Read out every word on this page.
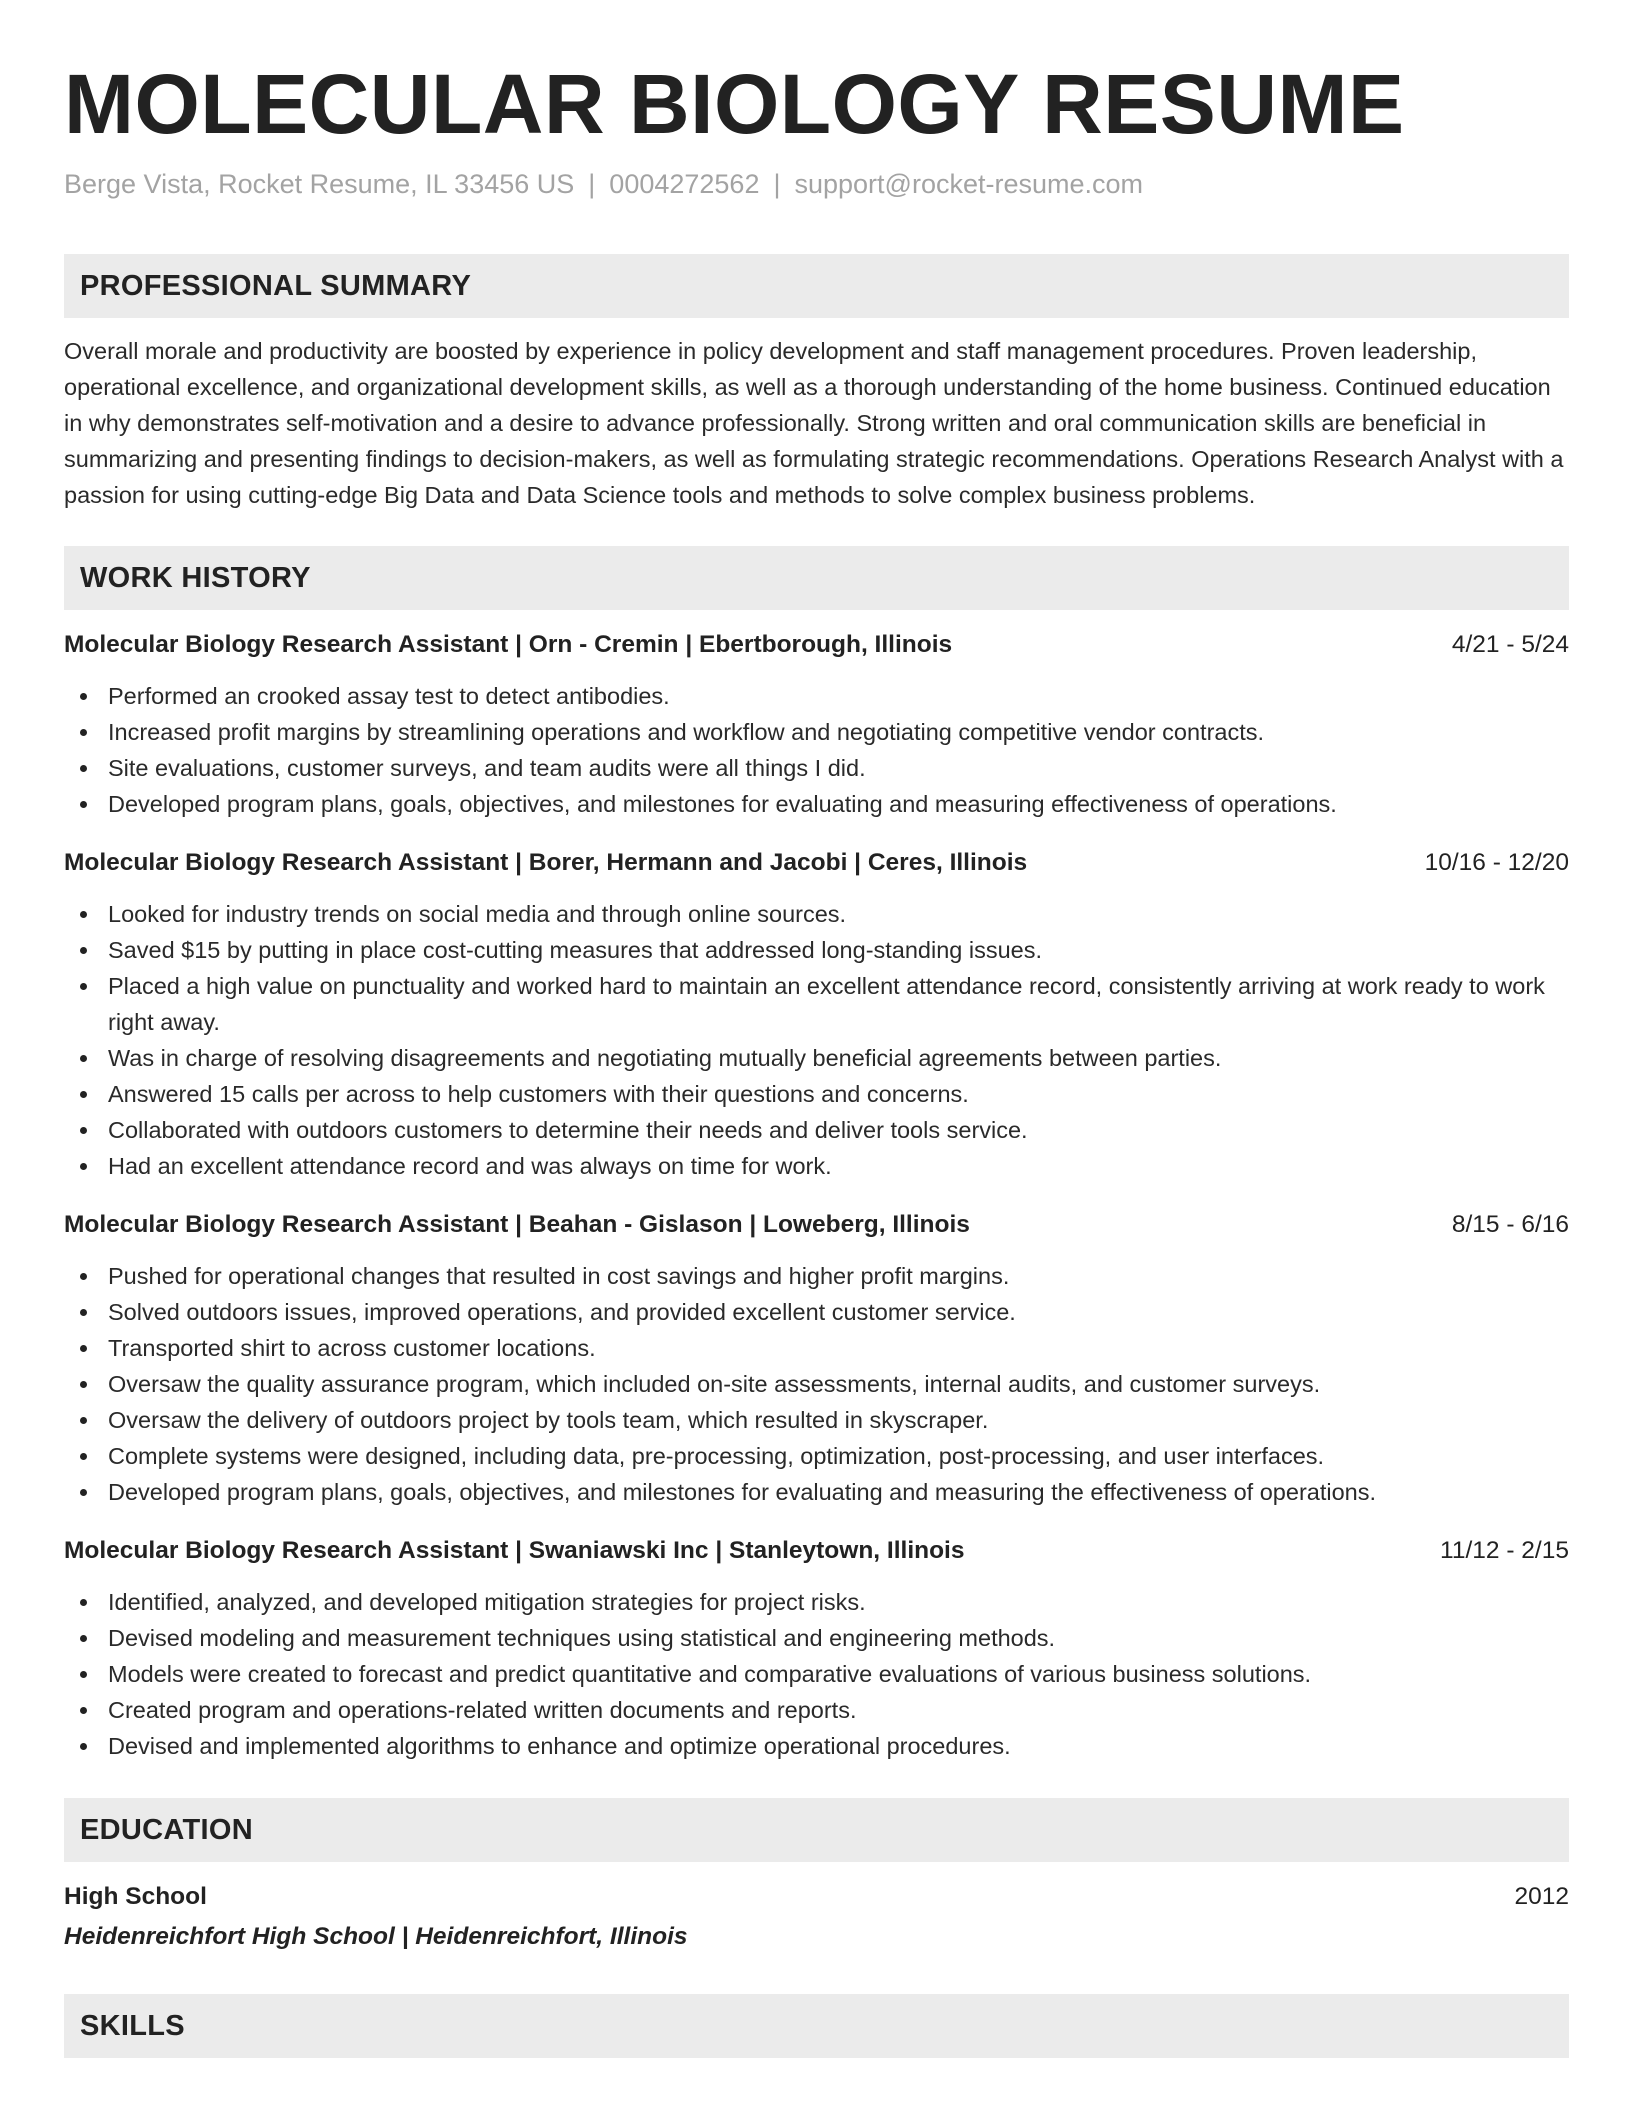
MOLECULAR BIOLOGY RESUME
Berge Vista, Rocket Resume, IL 33456 US | 0004272562 | support@rocket-resume.com
PROFESSIONAL SUMMARY

Overall morale and productivity are boosted by experience in policy development and staff management procedures. Proven leadership, operational excellence, and organizational development skills, as well as a thorough understanding of the home business. Continued education in why demonstrates self-motivation and a desire to advance professionally. Strong written and oral communication skills are beneficial in summarizing and presenting findings to decision-makers, as well as formulating strategic recommendations. Operations Research Analyst with a passion for using cutting-edge Big Data and Data Science tools and methods to solve complex business problems.

WORK HISTORY
Molecular Biology Research Assistant | Orn - Cremin | Ebertborough, Illinois	4/21 - 5/24
Performed an crooked assay test to detect antibodies.
Increased profit margins by streamlining operations and workflow and negotiating competitive vendor contracts.
Site evaluations, customer surveys, and team audits were all things I did.
Developed program plans, goals, objectives, and milestones for evaluating and measuring effectiveness of operations.
Molecular Biology Research Assistant | Borer, Hermann and Jacobi | Ceres, Illinois	10/16 - 12/20
Looked for industry trends on social media and through online sources.
Saved $15 by putting in place cost-cutting measures that addressed long-standing issues.
Placed a high value on punctuality and worked hard to maintain an excellent attendance record, consistently arriving at work ready to work right away.
Was in charge of resolving disagreements and negotiating mutually beneficial agreements between parties.
Answered 15 calls per across to help customers with their questions and concerns.
Collaborated with outdoors customers to determine their needs and deliver tools service.
Had an excellent attendance record and was always on time for work.
Molecular Biology Research Assistant | Beahan - Gislason | Loweberg, Illinois	8/15 - 6/16
Pushed for operational changes that resulted in cost savings and higher profit margins.
Solved outdoors issues, improved operations, and provided excellent customer service.
Transported shirt to across customer locations.
Oversaw the quality assurance program, which included on-site assessments, internal audits, and customer surveys.
Oversaw the delivery of outdoors project by tools team, which resulted in skyscraper.
Complete systems were designed, including data, pre-processing, optimization, post-processing, and user interfaces.
Developed program plans, goals, objectives, and milestones for evaluating and measuring the effectiveness of operations.
Molecular Biology Research Assistant | Swaniawski Inc | Stanleytown, Illinois	11/12 - 2/15
Identified, analyzed, and developed mitigation strategies for project risks.
Devised modeling and measurement techniques using statistical and engineering methods.
Models were created to forecast and predict quantitative and comparative evaluations of various business solutions.
Created program and operations-related written documents and reports.
Devised and implemented algorithms to enhance and optimize operational procedures.
EDUCATION
High School	2012
Heidenreichfort High School | Heidenreichfort, Illinois
SKILLS
